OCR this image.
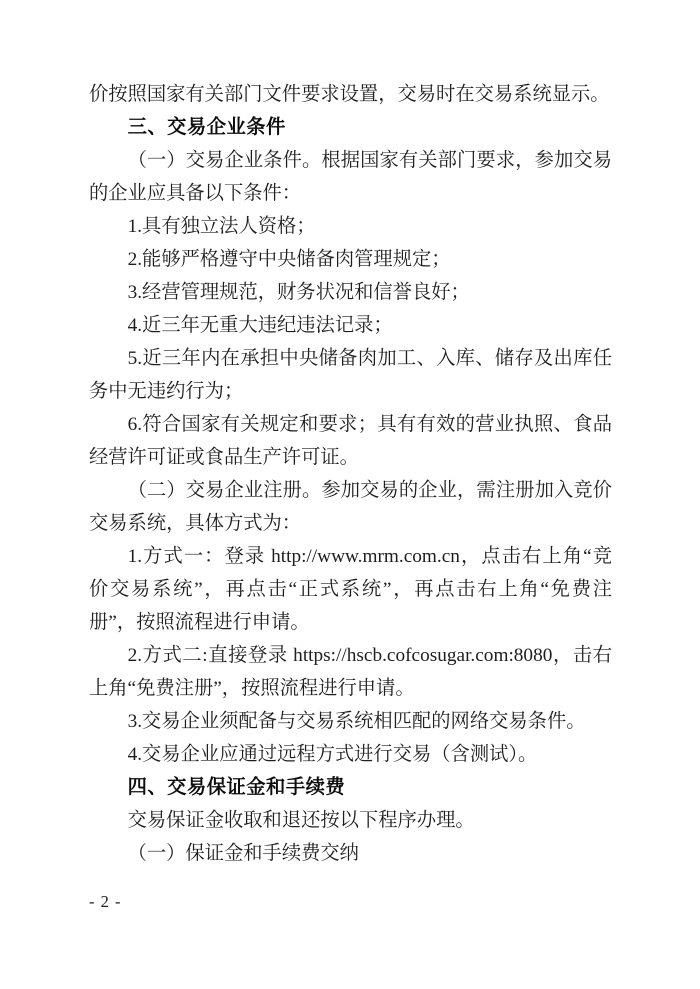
价按照国家有关部门文件要求设置，交易时在交易系统显示。

三、交易企业条件

（一）交易企业条件。根据国家有关部门要求，参加交易的企业应具备以下条件：

1.具有独立法人资格；

2.能够严格遵守中央储备肉管理规定；

3.经营管理规范，财务状况和信誉良好；

4.近三年无重大违纪违法记录；

5.近三年内在承担中央储备肉加工、入库、储存及出库任务中无违约行为；

6.符合国家有关规定和要求；具有有效的营业执照、食品经营许可证或食品生产许可证。

（二）交易企业注册。参加交易的企业，需注册加入竞价交易系统，具体方式为：

1.方式一：登录 http://www.mrm.com.cn，点击右上角“竞价交易系统”，再点击“正式系统”，再点击右上角“免费注册”，按照流程进行申请。

2.方式二:直接登录 https://hscb.cofcosugar.com:8080，击右上角“免费注册”，按照流程进行申请。

3.交易企业须配备与交易系统相匹配的网络交易条件。

4.交易企业应通过远程方式进行交易（含测试）。

四、交易保证金和手续费

交易保证金收取和退还按以下程序办理。

（一）保证金和手续费交纳

- 2 -
